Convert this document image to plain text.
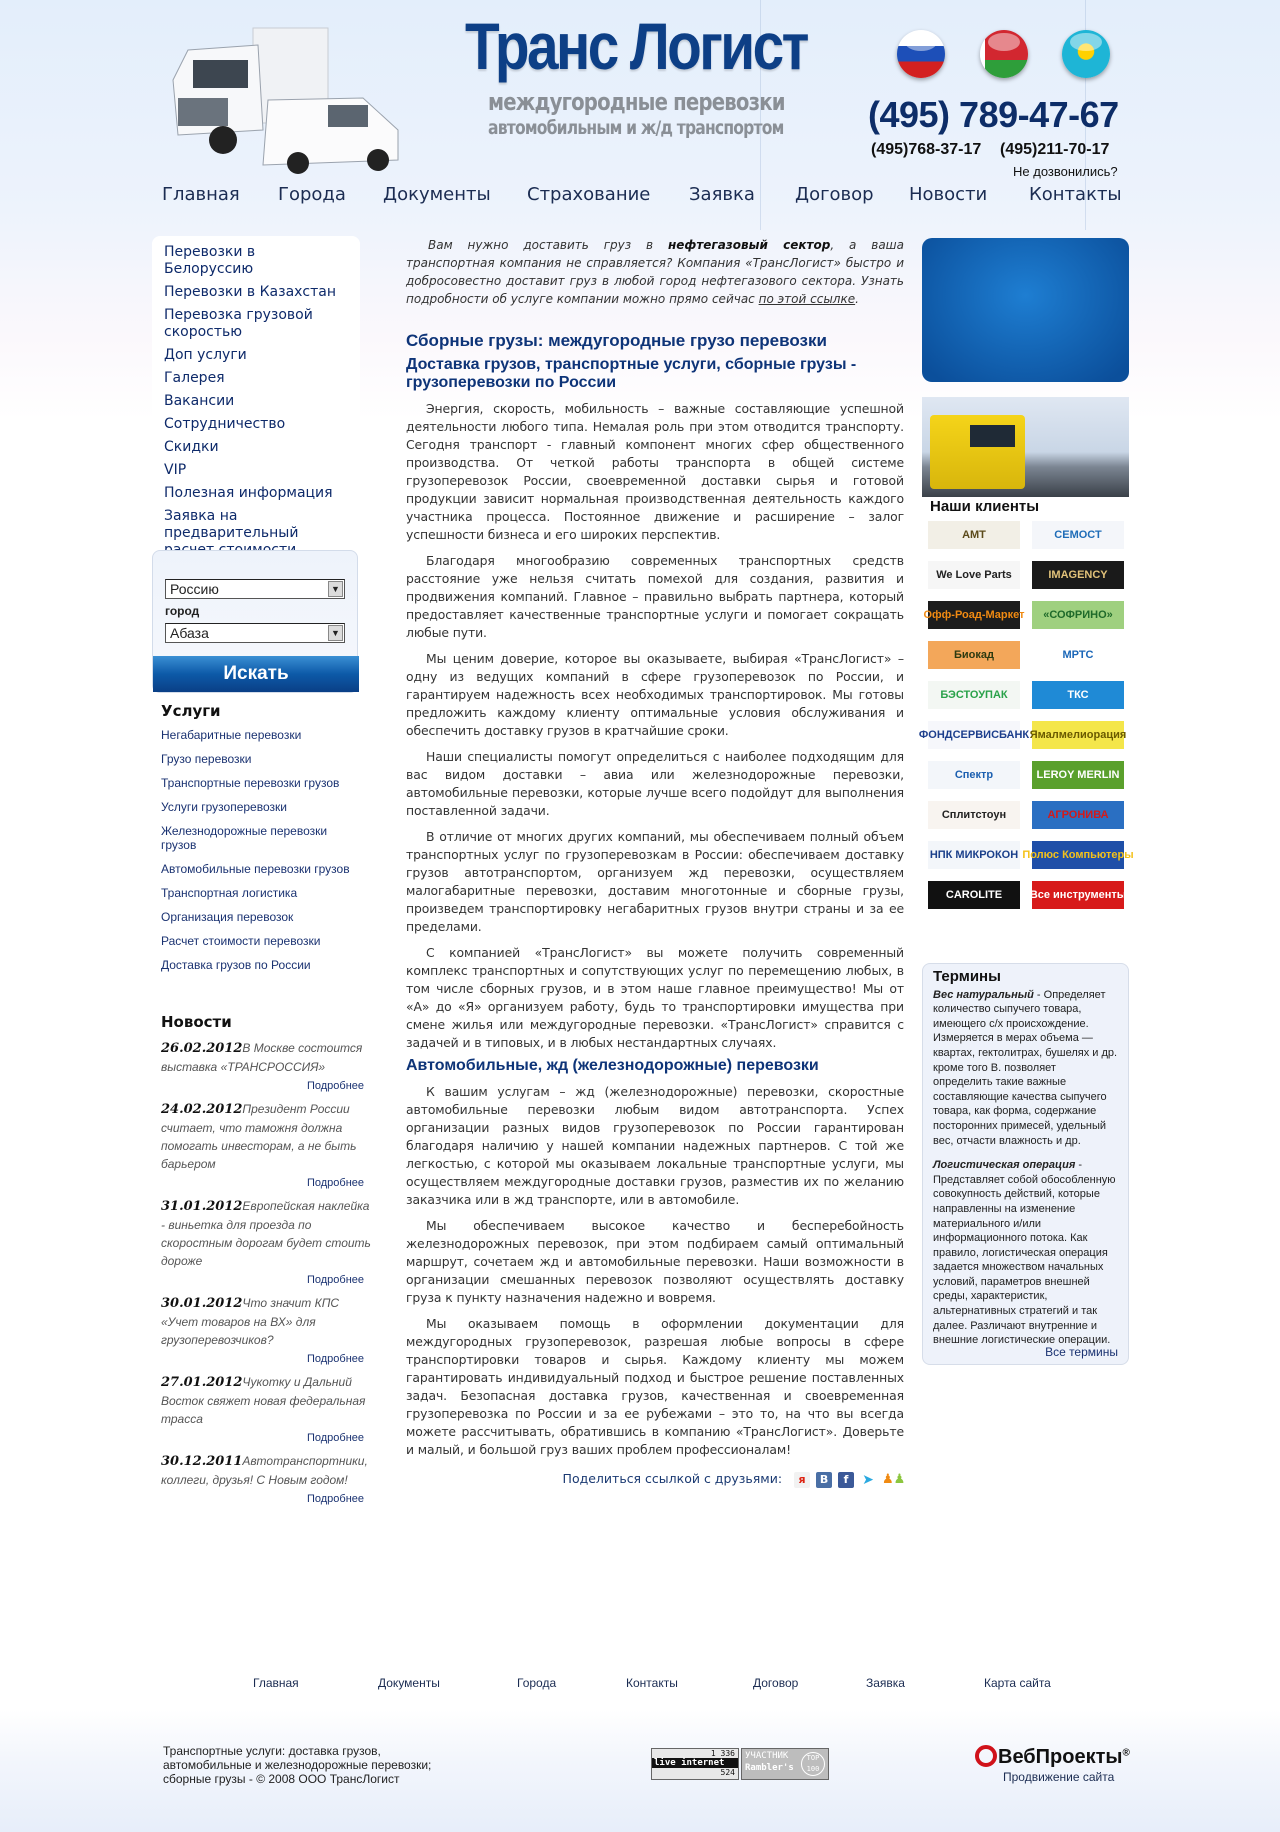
Транс Логист
междугородные перевозки
автомобильным и ж/д транспортом (495) 789-47-67
(495)768-37-17 (495)211-70-17
Не дозвонились?
Главная Города Документы Страхование Заявка Договор Новости Контакты
Перевозки в Белоруссию
Перевозки в Казахстан
Перевозка грузовой скоростью
Доп услуги
Галерея
Вакансии
Сотрудничество
Скидки
VIP
Полезная информация
Заявка на предварительный
Россию	▼
город
Абаза	▼
Искать
Услуги
Негабаритные перевозки
Грузо перевозки
Транспортные перевозки грузов
Услуги грузоперевозки
Железнодорожные перевозки грузов
Автомобильные перевозки грузов
Транспортная логистика
Организация перевозок
Расчет стоимости перевозки
Доставка грузов по России
Новости
26.02.2012В Москве состоится выставка «ТРАНСРОССИЯ»
Подробнее
24.02.2012Президент России считает, что таможня должна помогать инвесторам, а не быть барьером
Подробнее
31.01.2012Европейская наклейка - виньетка для проезда по скоростным дорогам будет стоить дороже
Подробнее
30.01.2012Что значит КПС «Учет товаров на ВХ» для грузоперевозчиков?
Подробнее
27.01.2012Чукотку и Дальний Восток свяжет новая федеральная трасса
Подробнее
30.12.2011Автотранспортники, коллеги, друзья! С Новым годом!
Подробнее

Вам нужно доставить груз в нефтегазовый сектор, а ваша транспортная компания не справляется? Компания «ТрансЛогист» быстро и добросовестно доставит груз в любой город нефтегазового сектора. Узнать подробности об услуге компании можно прямо сейчас по этой ссылке.

Сборные грузы: междугородные грузо перевозки
Доставка грузов, транспортные услуги, сборные грузы - грузоперевозки по России

Энергия, скорость, мобильность – важные составляющие успешной деятельности любого типа. Немалая роль при этом отводится транспорту. Сегодня транспорт - главный компонент многих сфер общественного производства. От четкой работы транспорта в общей системе грузоперевозок России, своевременной доставки сырья и готовой продукции зависит нормальная производственная деятельность каждого участника процесса. Постоянное движение и расширение – залог успешности бизнеса и его широких перспектив.

Благодаря многообразию современных транспортных средств расстояние уже нельзя считать помехой для создания, развития и продвижения компаний. Главное – правильно выбрать партнера, который предоставляет качественные транспортные услуги и помогает сокращать любые пути.

Мы ценим доверие, которое вы оказываете, выбирая «ТрансЛогист» – одну из ведущих компаний в сфере грузоперевозок по России, и гарантируем надежность всех необходимых транспортировок. Мы готовы предложить каждому клиенту оптимальные условия обслуживания и обеспечить доставку грузов в кратчайшие сроки.

Наши специалисты помогут определиться с наиболее подходящим для вас видом доставки – авиа или железнодорожные перевозки, автомобильные перевозки, которые лучше всего подойдут для выполнения поставленной задачи.

В отличие от многих других компаний, мы обеспечиваем полный объем транспортных услуг по грузоперевозкам в России: обеспечиваем доставку грузов автотранспортом, организуем жд перевозки, осуществляем малогабаритные перевозки, доставим многотонные и сборные грузы, произведем транспортировку негабаритных грузов внутри страны и за ее пределами.

С компанией «ТрансЛогист» вы можете получить современный комплекс транспортных и сопутствующих услуг по перемещению любых, в том числе сборных грузов, и в этом наше главное преимущество! Мы от «А» до «Я» организуем работу, будь то транспортировки имущества при смене жилья или междугородные перевозки. «ТрансЛогист» справится с задачей и в типовых, и в любых нестандартных случаях.

Автомобильные, жд (железнодорожные) перевозки

К вашим услугам – жд (железнодорожные) перевозки, скоростные автомобильные перевозки любым видом автотранспорта. Успех организации разных видов грузоперевозок по России гарантирован благодаря наличию у нашей компании надежных партнеров. С той же легкостью, с которой мы оказываем локальные транспортные услуги, мы осуществляем междугородные доставки грузов, разместив их по желанию заказчика или в жд транспорте, или в автомобиле.

Мы обеспечиваем высокое качество и бесперебойность железнодорожных перевозок, при этом подбираем самый оптимальный маршрут, сочетаем жд и автомобильные перевозки. Наши возможности в организации смешанных перевозок позволяют осуществлять доставку груза к пункту назначения надежно и вовремя.

Мы оказываем помощь в оформлении документации для междугородных грузоперевозок, разрешая любые вопросы в сфере транспортировки товаров и сырья. Каждому клиенту мы можем гарантировать индивидуальный подход и быстрое решение поставленных задач. Безопасная доставка грузов, качественная и своевременная грузоперевозка по России и за ее рубежами – это то, на что вы всегда можете рассчитывать, обратившись в компанию «ТрансЛогист». Доверьте и малый, и большой груз ваших проблем профессионалам!

Поделиться ссылкой с друзьями: я B f ➤ ♟♟
Наши клиенты
AMT	СЕМОСТ
We Love Parts	IMAGENCY
Офф-Роад-Маркет	«СОФРИНО»
Биокад	МРТС
БЭСТОУПАК	ТКС
ФОНДСЕРВИСБАНК Ямалмелиорация
Спектр	LEROY MERLIN
Сплитстоун	АГРОНИВА
НПК МИКРОКОН Полюс Компьютеры
CAROLITE	Все инструменты
Термины

Вес натуральный - Определяет количество сыпучего товара, имеющего с/х происхождение. Измеряется в мерах объема — квартах, гектолитрах, бушелях и др. кроме того В. позволяет определить такие важные составляющие качества сыпучего товара, как форма, содержание посторонних примесей, удельный вес, отчасти влажность и др.

Логистическая операция - Представляет собой обособленную совокупность действий, которые направленны на изменение материального и/или информационного потока. Как правило, логистическая операция задается множеством начальных условий, параметров внешней среды, характеристик, альтернативных стратегий и так далее. Различают внутренние и внешние логистические операции.

Все термины
Главная	Документы	Города	Контакты	Договор	Заявка	Карта сайта
Транспортные услуги: доставка грузов,
автомобильные и железнодорожные перевозки;
сборные грузы - © 2008 ООО ТрансЛогист
1 336
live internet
524
УЧАСТНИК
Rambler's
TOP 100
ВебПроекты®
Продвижение сайта
